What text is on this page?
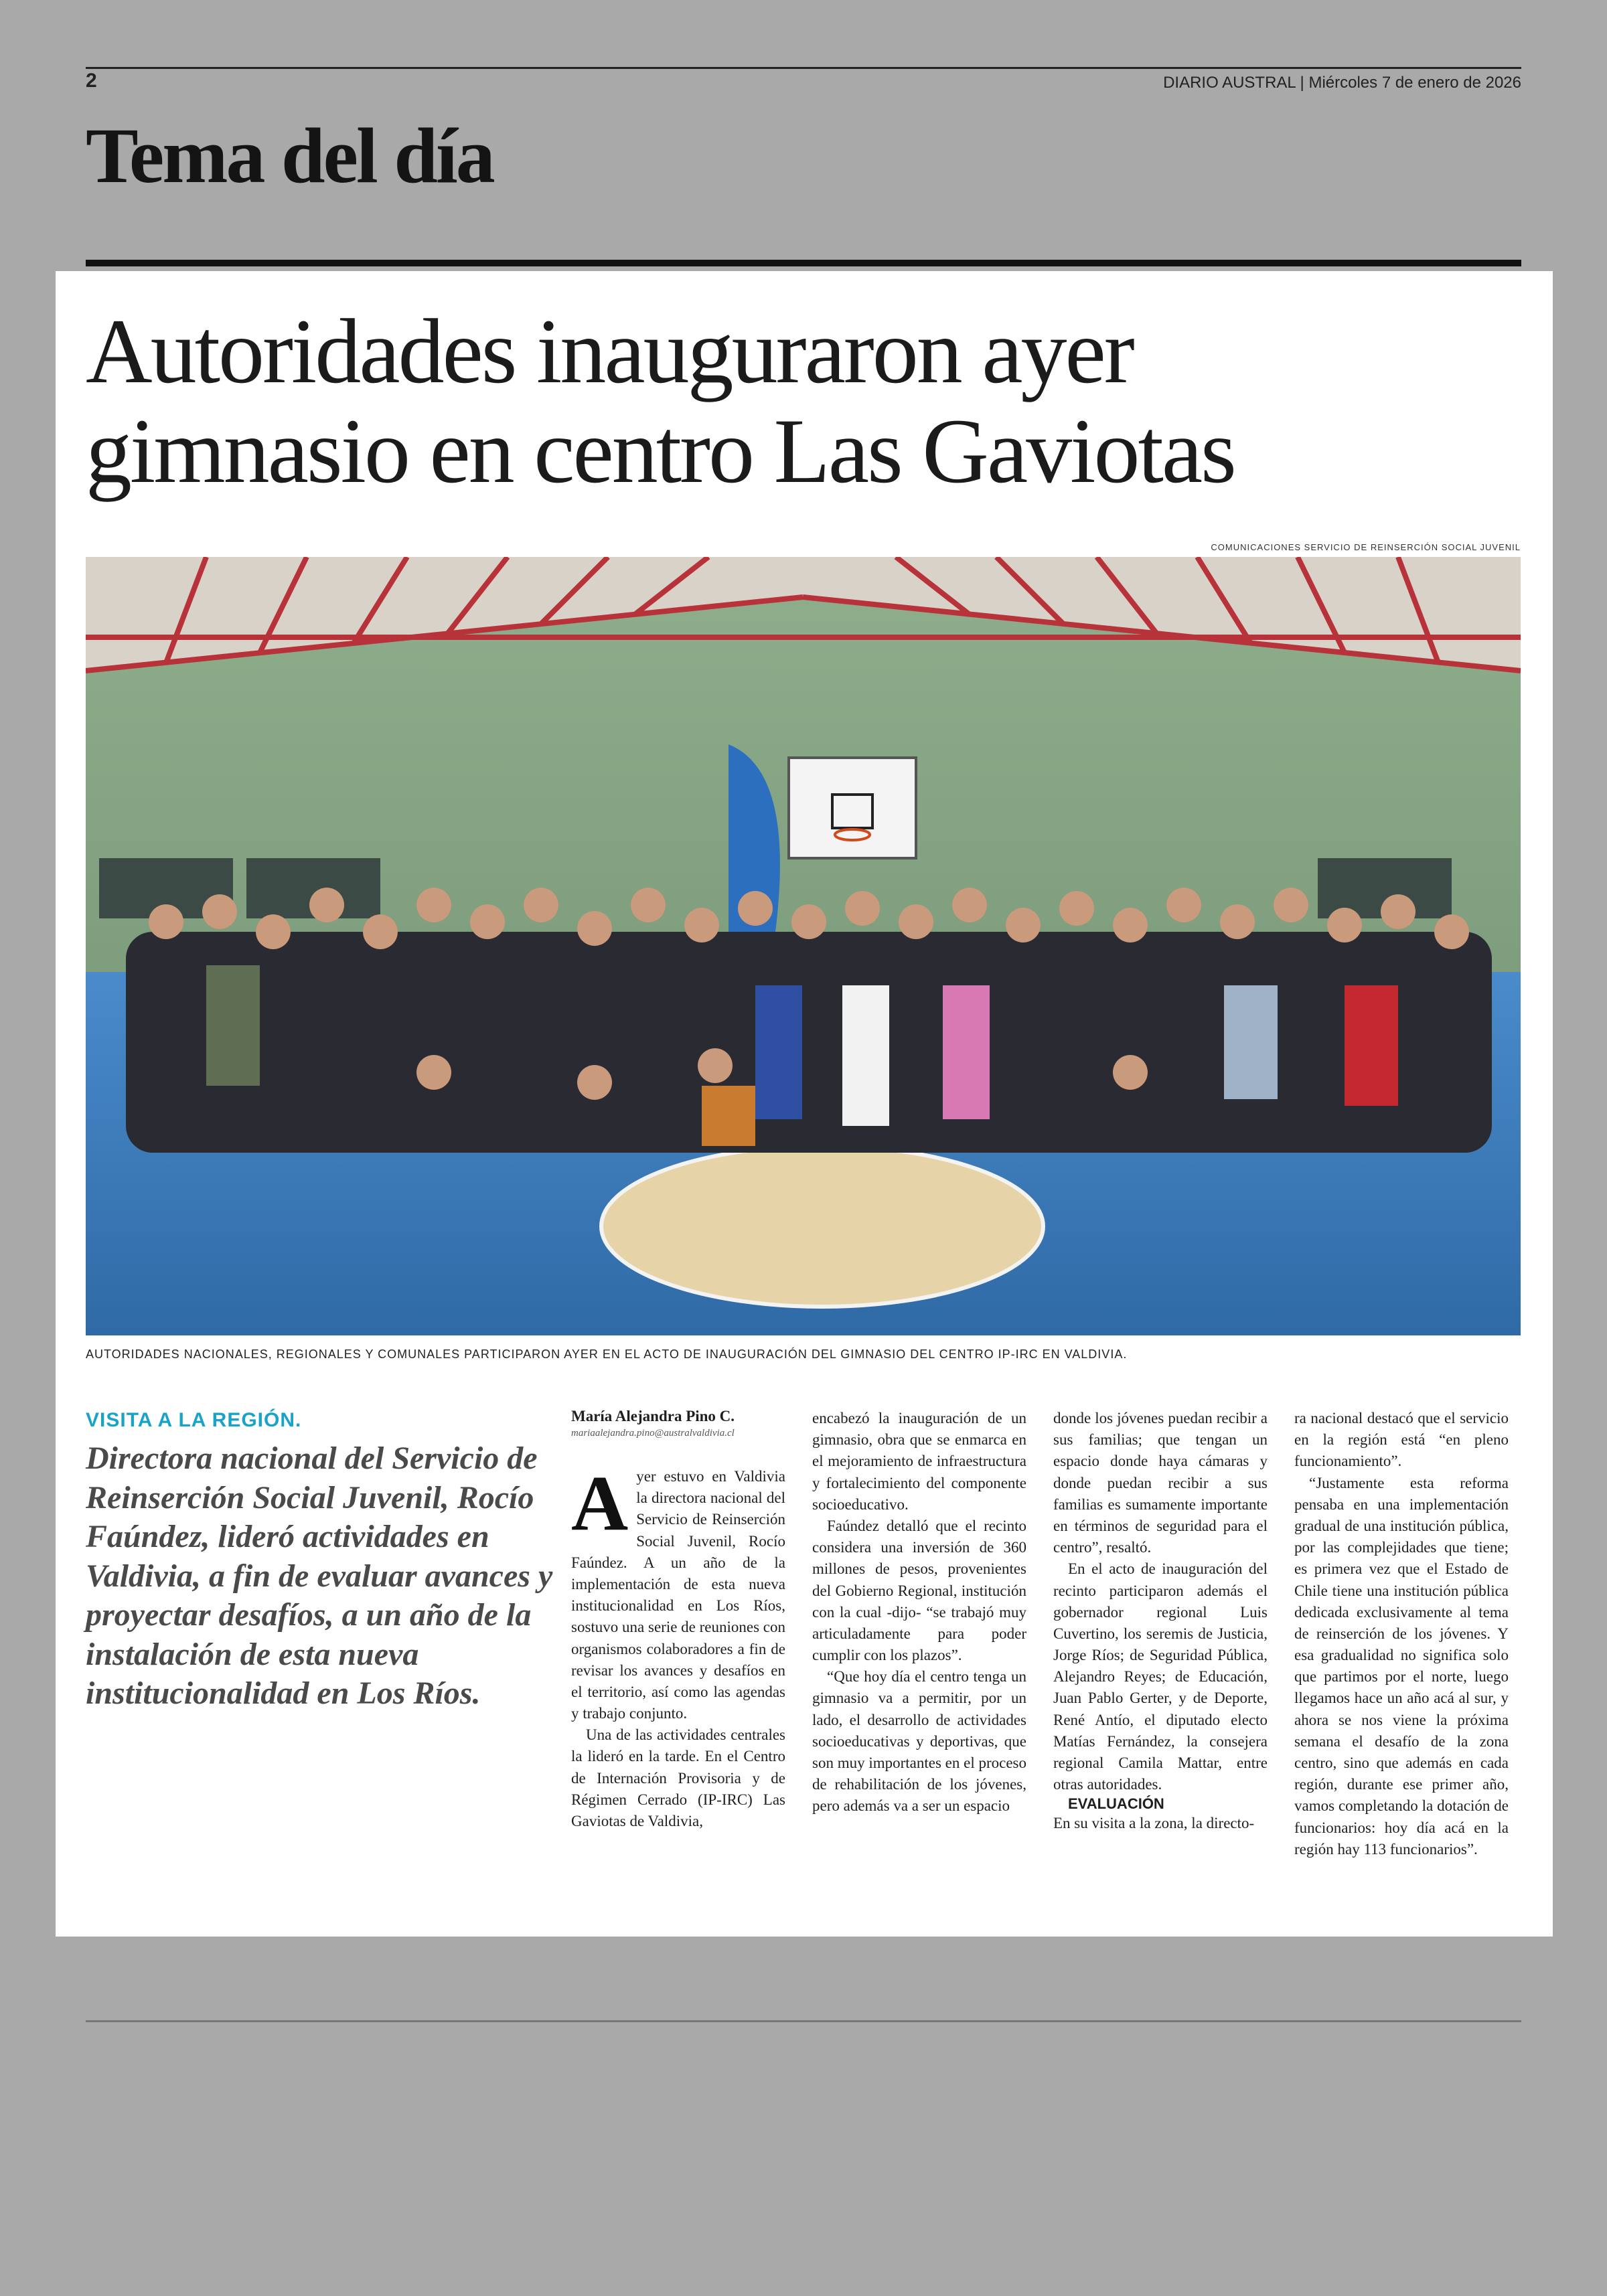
2	DIARIO AUSTRAL | Miércoles 7 de enero de 2026
Tema del día
Autoridades inauguraron ayer
gimnasio en centro Las Gaviotas
COMUNICACIONES SERVICIO DE REINSERCIÓN SOCIAL JUVENIL
AUTORIDADES NACIONALES, REGIONALES Y COMUNALES PARTICIPARON AYER EN EL ACTO DE INAUGURACIÓN DEL GIMNASIO DEL CENTRO IP-IRC EN VALDIVIA.
VISITA A LA REGIÓN.

Directora nacional del Servicio de Reinserción Social Juvenil, Rocío Faúndez, lideró actividades en Valdivia, a fin de evaluar avances y proyectar desafíos, a un año de la instalación de esta nueva institucionalidad en Los Ríos.

María Alejandra Pino C.
mariaalejandra.pino@australvaldivia.cl

Ayer estuvo en Valdivia la directora nacional del Servicio de Reinserción Social Juvenil, Rocío Faúndez. A un año de la implementación de esta nueva institucionalidad en Los Ríos, sostuvo una serie de reuniones con organismos colaboradores a fin de revisar los avances y desafíos en el territorio, así como las agendas y trabajo conjunto.

Una de las actividades centrales la lideró en la tarde. En el Centro de Internación Provisoria y de Régimen Cerrado (IP-IRC) Las Gaviotas de Valdivia,

encabezó la inauguración de un gimnasio, obra que se enmarca en el mejoramiento de infraestructura y fortalecimiento del componente socioeducativo.

Faúndez detalló que el recinto considera una inversión de 360 millones de pesos, provenientes del Gobierno Regional, institución con la cual -dijo- “se trabajó muy articuladamente para poder cumplir con los plazos”.

“Que hoy día el centro tenga un gimnasio va a permitir, por un lado, el desarrollo de actividades socioeducativas y deportivas, que son muy importantes en el proceso de rehabilitación de los jóvenes, pero además va a ser un espacio

donde los jóvenes puedan recibir a sus familias; que tengan un espacio donde haya cámaras y donde puedan recibir a sus familias es sumamente importante en términos de seguridad para el centro”, resaltó.

En el acto de inauguración del recinto participaron además el gobernador regional Luis Cuvertino, los seremis de Justicia, Jorge Ríos; de Seguridad Pública, Alejandro Reyes; de Educación, Juan Pablo Gerter, y de Deporte, René Antío, el diputado electo Matías Fernández, la consejera regional Camila Mattar, entre otras autoridades.

EVALUACIÓN

En su visita a la zona, la directo-

ra nacional destacó que el servicio en la región está “en pleno funcionamiento”.

“Justamente esta reforma pensaba en una implementación gradual de una institución pública, por las complejidades que tiene; es primera vez que el Estado de Chile tiene una institución pública dedicada exclusivamente al tema de reinserción de los jóvenes. Y esa gradualidad no significa solo que partimos por el norte, luego llegamos hace un año acá al sur, y ahora se nos viene la próxima semana el desafío de la zona centro, sino que además en cada región, durante ese primer año, vamos completando la dotación de funcionarios: hoy día acá en la región hay 113 funcionarios”.
